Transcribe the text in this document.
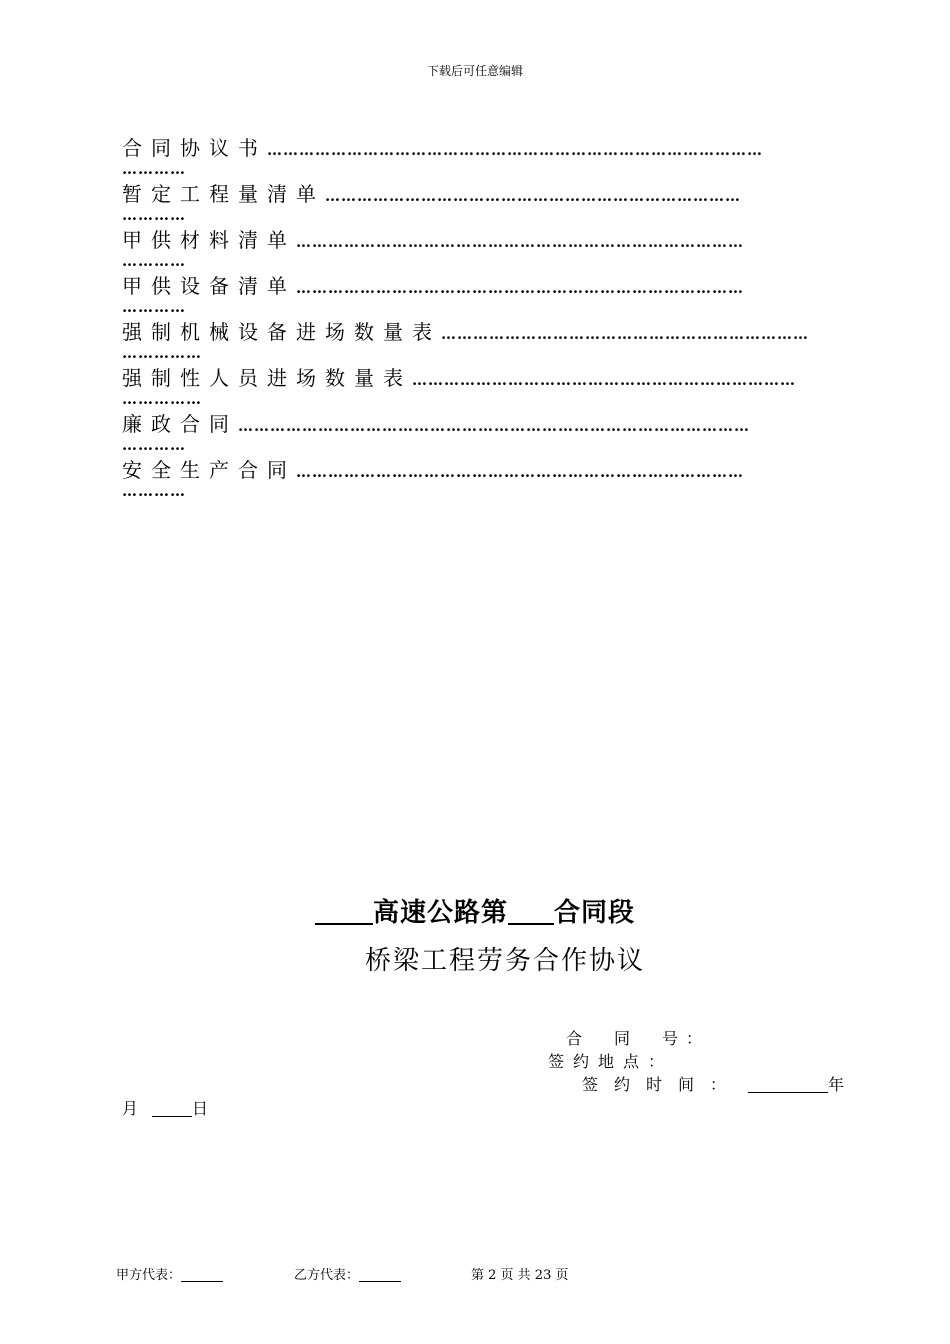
下载后可任意编辑
合同协议书…………………………………………………………………………………
…………
暂定工程量清单……………………………………………………………………
…………
甲供材料清单…………………………………………………………………………
…………
甲供设备清单…………………………………………………………………………
…………
强制机械设备进场数量表……………………………………………………………
……………
强制性人员进场数量表………………………………………………………………
……………
廉政合同……………………………………………………………………………………
…………
安全生产合同…………………………………………………………………………
…………
高速公路第 合同段
桥梁工程劳务合作协议
合　同　号：
签约地点：
签约时间：	年
月	日
甲方代表：	乙方代表：	第 2 页 共 23 页
